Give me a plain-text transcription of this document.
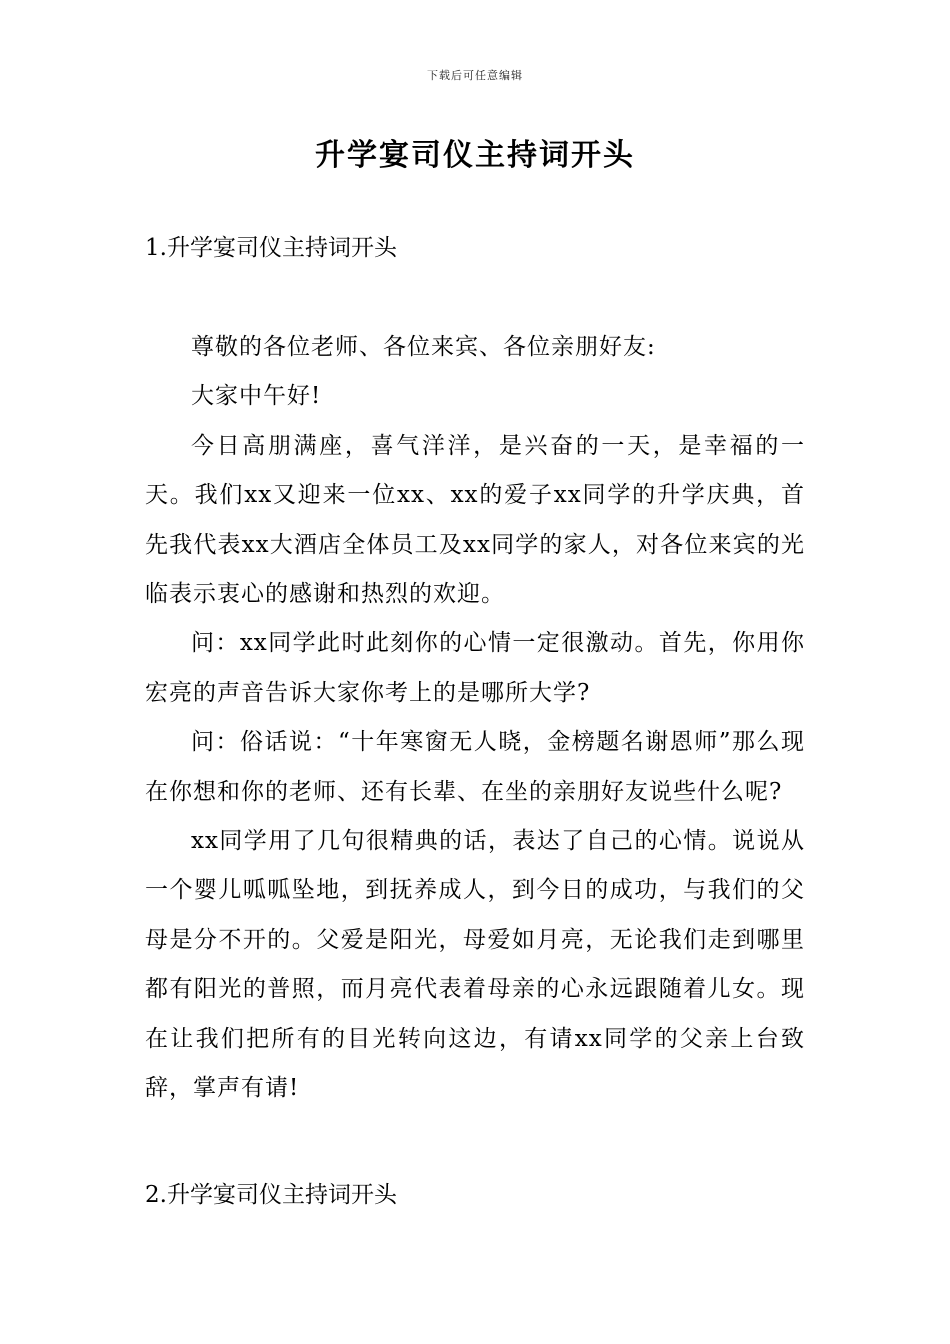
下载后可任意编辑
升学宴司仪主持词开头
1.升学宴司仪主持词开头

尊敬的各位老师、各位来宾、各位亲朋好友:

大家中午好!

今日高朋满座，喜气洋洋，是兴奋的一天，是幸福的一天。我们xx又迎来一位xx、xx的爱子xx同学的升学庆典，首先我代表xx大酒店全体员工及xx同学的家人，对各位来宾的光临表示衷心的感谢和热烈的欢迎。

问：xx同学此时此刻你的心情一定很激动。首先，你用你宏亮的声音告诉大家你考上的是哪所大学?

问：俗话说：“十年寒窗无人晓，金榜题名谢恩师”那么现在你想和你的老师、还有长辈、在坐的亲朋好友说些什么呢?

xx同学用了几句很精典的话，表达了自己的心情。说说从一个婴儿呱呱坠地，到抚养成人，到今日的成功，与我们的父母是分不开的。父爱是阳光，母爱如月亮，无论我们走到哪里都有阳光的普照，而月亮代表着母亲的心永远跟随着儿女。现在让我们把所有的目光转向这边，有请xx同学的父亲上台致辞，掌声有请!

2.升学宴司仪主持词开头
